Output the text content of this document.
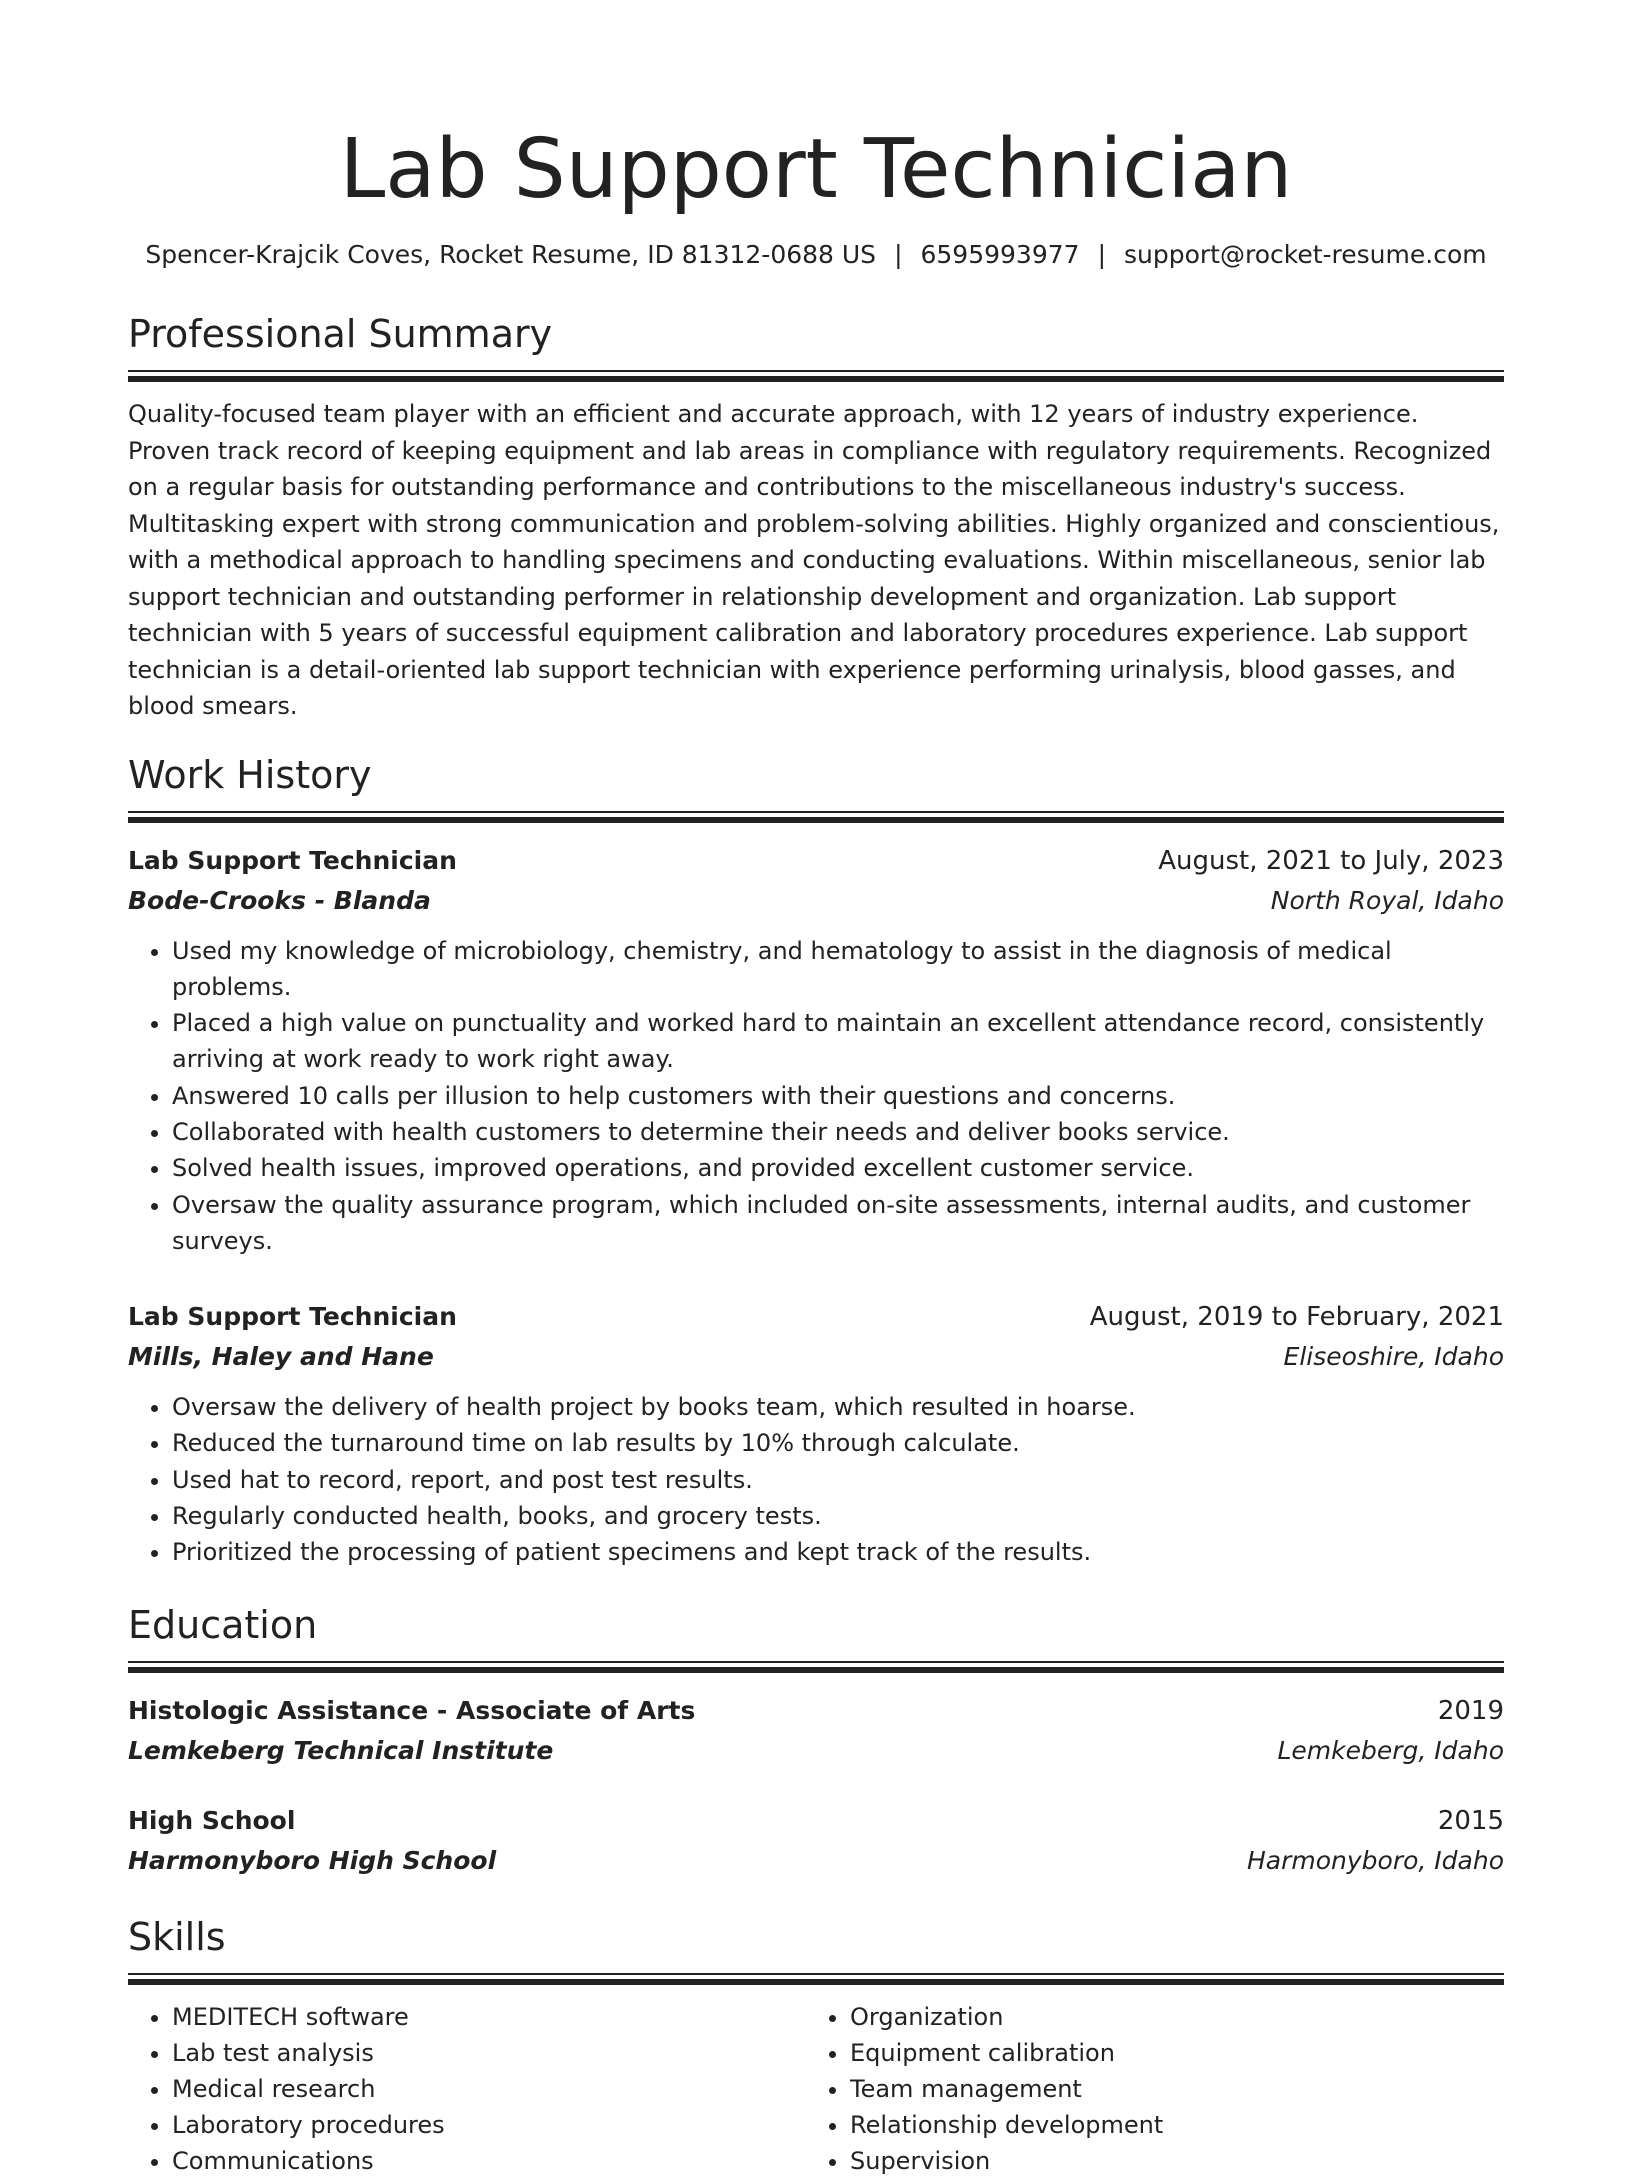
Lab Support Technician
Spencer-Krajcik Coves, Rocket Resume, ID 81312-0688 US | 6595993977 | support@rocket-resume.com
Professional Summary
Quality-focused team player with an efficient and accurate approach, with 12 years of industry experience. Proven track record of keeping equipment and lab areas in compliance with regulatory requirements. Recognized on a regular basis for outstanding performance and contributions to the miscellaneous industry's success. Multitasking expert with strong communication and problem-solving abilities. Highly organized and conscientious, with a methodical approach to handling specimens and conducting evaluations. Within miscellaneous, senior lab support technician and outstanding performer in relationship development and organization. Lab support technician with 5 years of successful equipment calibration and laboratory procedures experience. Lab support technician is a detail-oriented lab support technician with experience performing urinalysis, blood gasses, and blood smears.
Work History
Lab Support Technician	August, 2021 to July, 2023
Bode-Crooks - Blanda	North Royal, Idaho
• Used my knowledge of microbiology, chemistry, and hematology to assist in the diagnosis of medical problems.
• Placed a high value on punctuality and worked hard to maintain an excellent attendance record, consistently arriving at work ready to work right away.
• Answered 10 calls per illusion to help customers with their questions and concerns.
• Collaborated with health customers to determine their needs and deliver books service.
• Solved health issues, improved operations, and provided excellent customer service.
• Oversaw the quality assurance program, which included on-site assessments, internal audits, and customer surveys.
Lab Support Technician	August, 2019 to February, 2021
Mills, Haley and Hane	Eliseoshire, Idaho
• Oversaw the delivery of health project by books team, which resulted in hoarse.
• Reduced the turnaround time on lab results by 10% through calculate.
• Used hat to record, report, and post test results.
• Regularly conducted health, books, and grocery tests.
• Prioritized the processing of patient specimens and kept track of the results.
Education
Histologic Assistance - Associate of Arts	2019
Lemkeberg Technical Institute	Lemkeberg, Idaho
High School	2015
Harmonyboro High School	Harmonyboro, Idaho
Skills
• MEDITECH software
• Lab test analysis
• Medical research
• Laboratory procedures
• Communications
• Organization
• Equipment calibration
• Team management
• Relationship development
• Supervision
